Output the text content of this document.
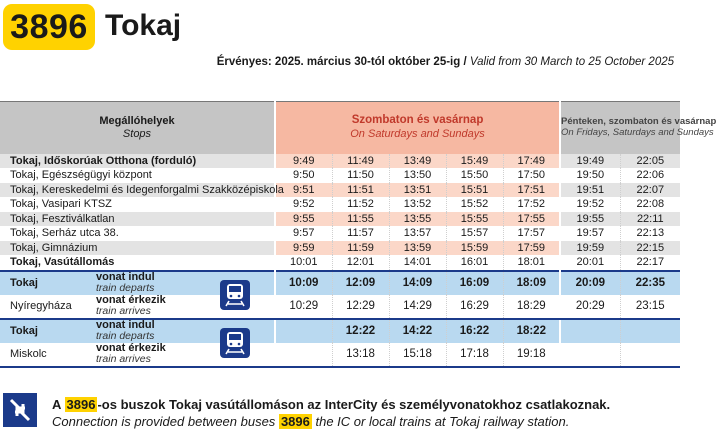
3896 Tokaj
Érvényes: 2025. március 30-tól október 25-ig / Valid from 30 March to 25 October 2025
Megállóhelyek
Stops	Szombaton és vasárnap
On Saturdays and Sundays					Pénteken, szombaton és vasárnap
On Fridays, Saturdays and Sundays	
Tokaj, Időskorúak Otthona (forduló)	9:49	11:49	13:49	15:49	17:49	19:49	22:05
Tokaj, Egészségügyi központ	9:50	11:50	13:50	15:50	17:50	19:50	22:06
Tokaj, Kereskedelmi és Idegenforgalmi Szakközépiskola	9:51	11:51	13:51	15:51	17:51	19:51	22:07
Tokaj, Vasipari KTSZ	9:52	11:52	13:52	15:52	17:52	19:52	22:08
Tokaj, Fesztiválkatlan	9:55	11:55	13:55	15:55	17:55	19:55	22:11
Tokaj, Serház utca 38.	9:57	11:57	13:57	15:57	17:57	19:57	22:13
Tokaj, Gimnázium	9:59	11:59	13:59	15:59	17:59	19:59	22:15
Tokaj, Vasútállomás	10:01	12:01	14:01	16:01	18:01	20:01	22:17

Tokaj vonat indul
train departs	10:09	12:09	14:09	16:09	18:09	20:09	22:35

Nyíregyháza vonat érkezik
train arrives	10:29	12:29	14:29	16:29	18:29	20:29	23:15

Tokaj vonat indul
train departs		12:22	14:22	16:22	18:22		

Miskolc vonat érkezik
train arrives		13:18	15:18	17:18	19:18		
A 3896 -os buszok Tokaj vasútállomáson az InterCity és személyvonatokhoz csatlakoznak.
Connection is provided between buses 3896 the IC or local trains at Tokaj railway station.
